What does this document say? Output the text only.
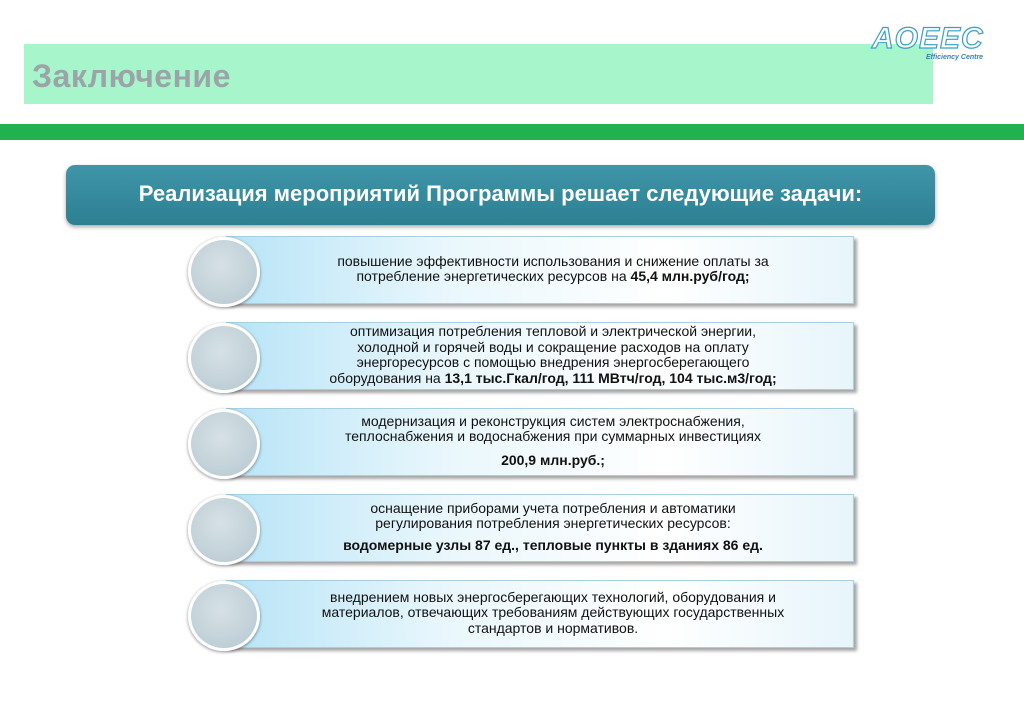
Заключение
AOEEC
Efficiency Centre
Реализация мероприятий Программы решает следующие задачи:
повышение эффективности использования и снижение оплаты за
потребление энергетических ресурсов на 45,4 млн.руб/год;
оптимизация потребления тепловой и электрической энергии,
холодной и горячей воды и сокращение расходов на оплату
энергоресурсов с помощью внедрения энергосберегающего
оборудования на 13,1 тыс.Гкал/год, 111 МВтч/год, 104 тыс.м3/год;
модернизация и реконструкция систем электроснабжения,
теплоснабжения и водоснабжения при суммарных инвестициях
200,9 млн.руб.;
оснащение приборами учета потребления и автоматики
регулирования потребления энергетических ресурсов:
водомерные узлы 87 ед., тепловые пункты в зданиях 86 ед.
внедрением новых энергосберегающих технологий, оборудования и
материалов, отвечающих требованиям действующих государственных
стандартов и нормативов.
